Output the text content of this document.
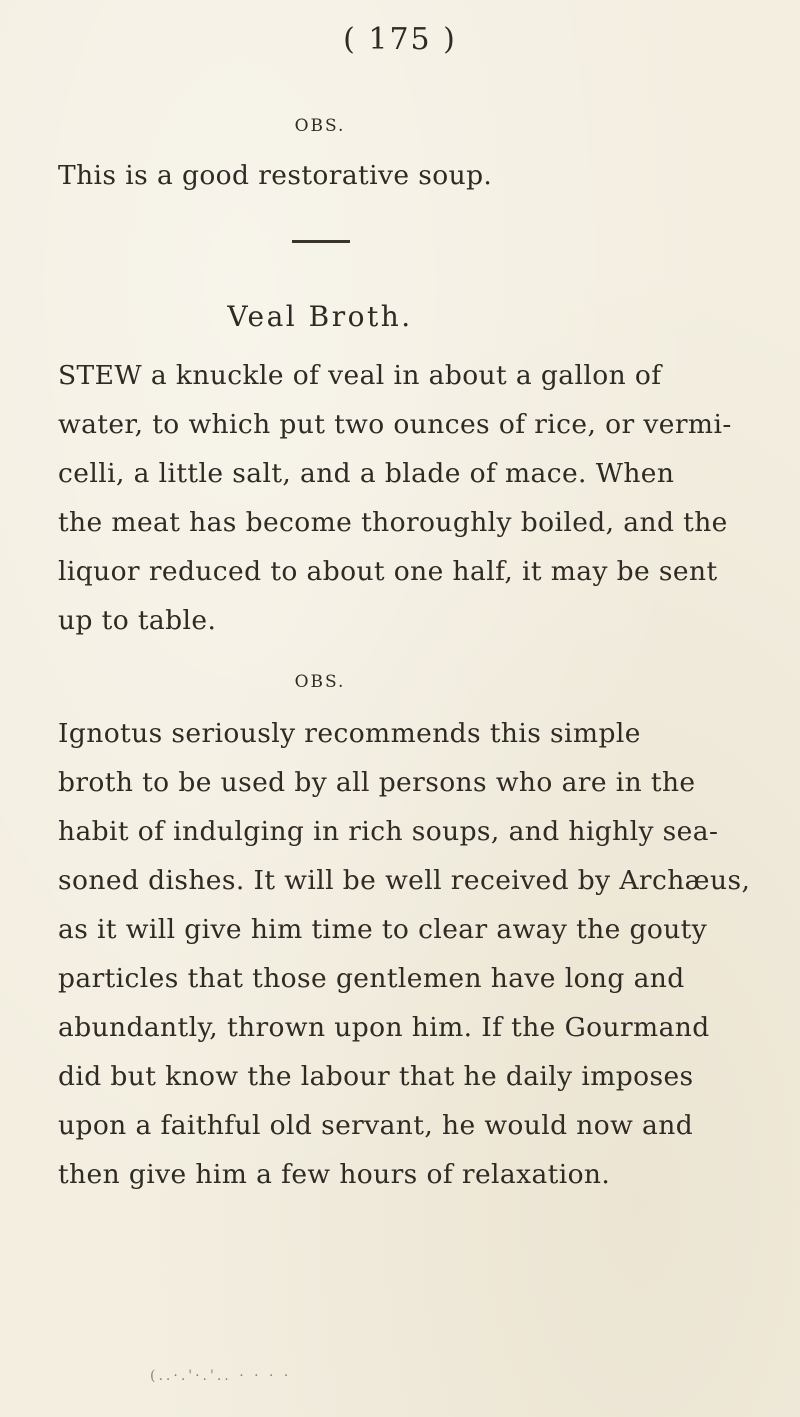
( 175 )
OBS.
This is a good restorative soup.
Veal Broth.
STEW a knuckle of veal in about a gallon of
water, to which put two ounces of rice, or vermi-
celli, a little salt, and a blade of mace. When
the meat has become thoroughly boiled, and the
liquor reduced to about one half, it may be sent
up to table.
OBS.
Ignotus seriously recommends this simple
broth to be used by all persons who are in the
habit of indulging in rich soups, and highly sea-
soned dishes. It will be well received by Archæus,
as it will give him time to clear away the gouty
particles that those gentlemen have long and
abundantly, thrown upon him. If the Gourmand
did but know the labour that he daily imposes
upon a faithful old servant, he would now and
then give him a few hours of relaxation.
(..·.'·.'.. · · · ·
